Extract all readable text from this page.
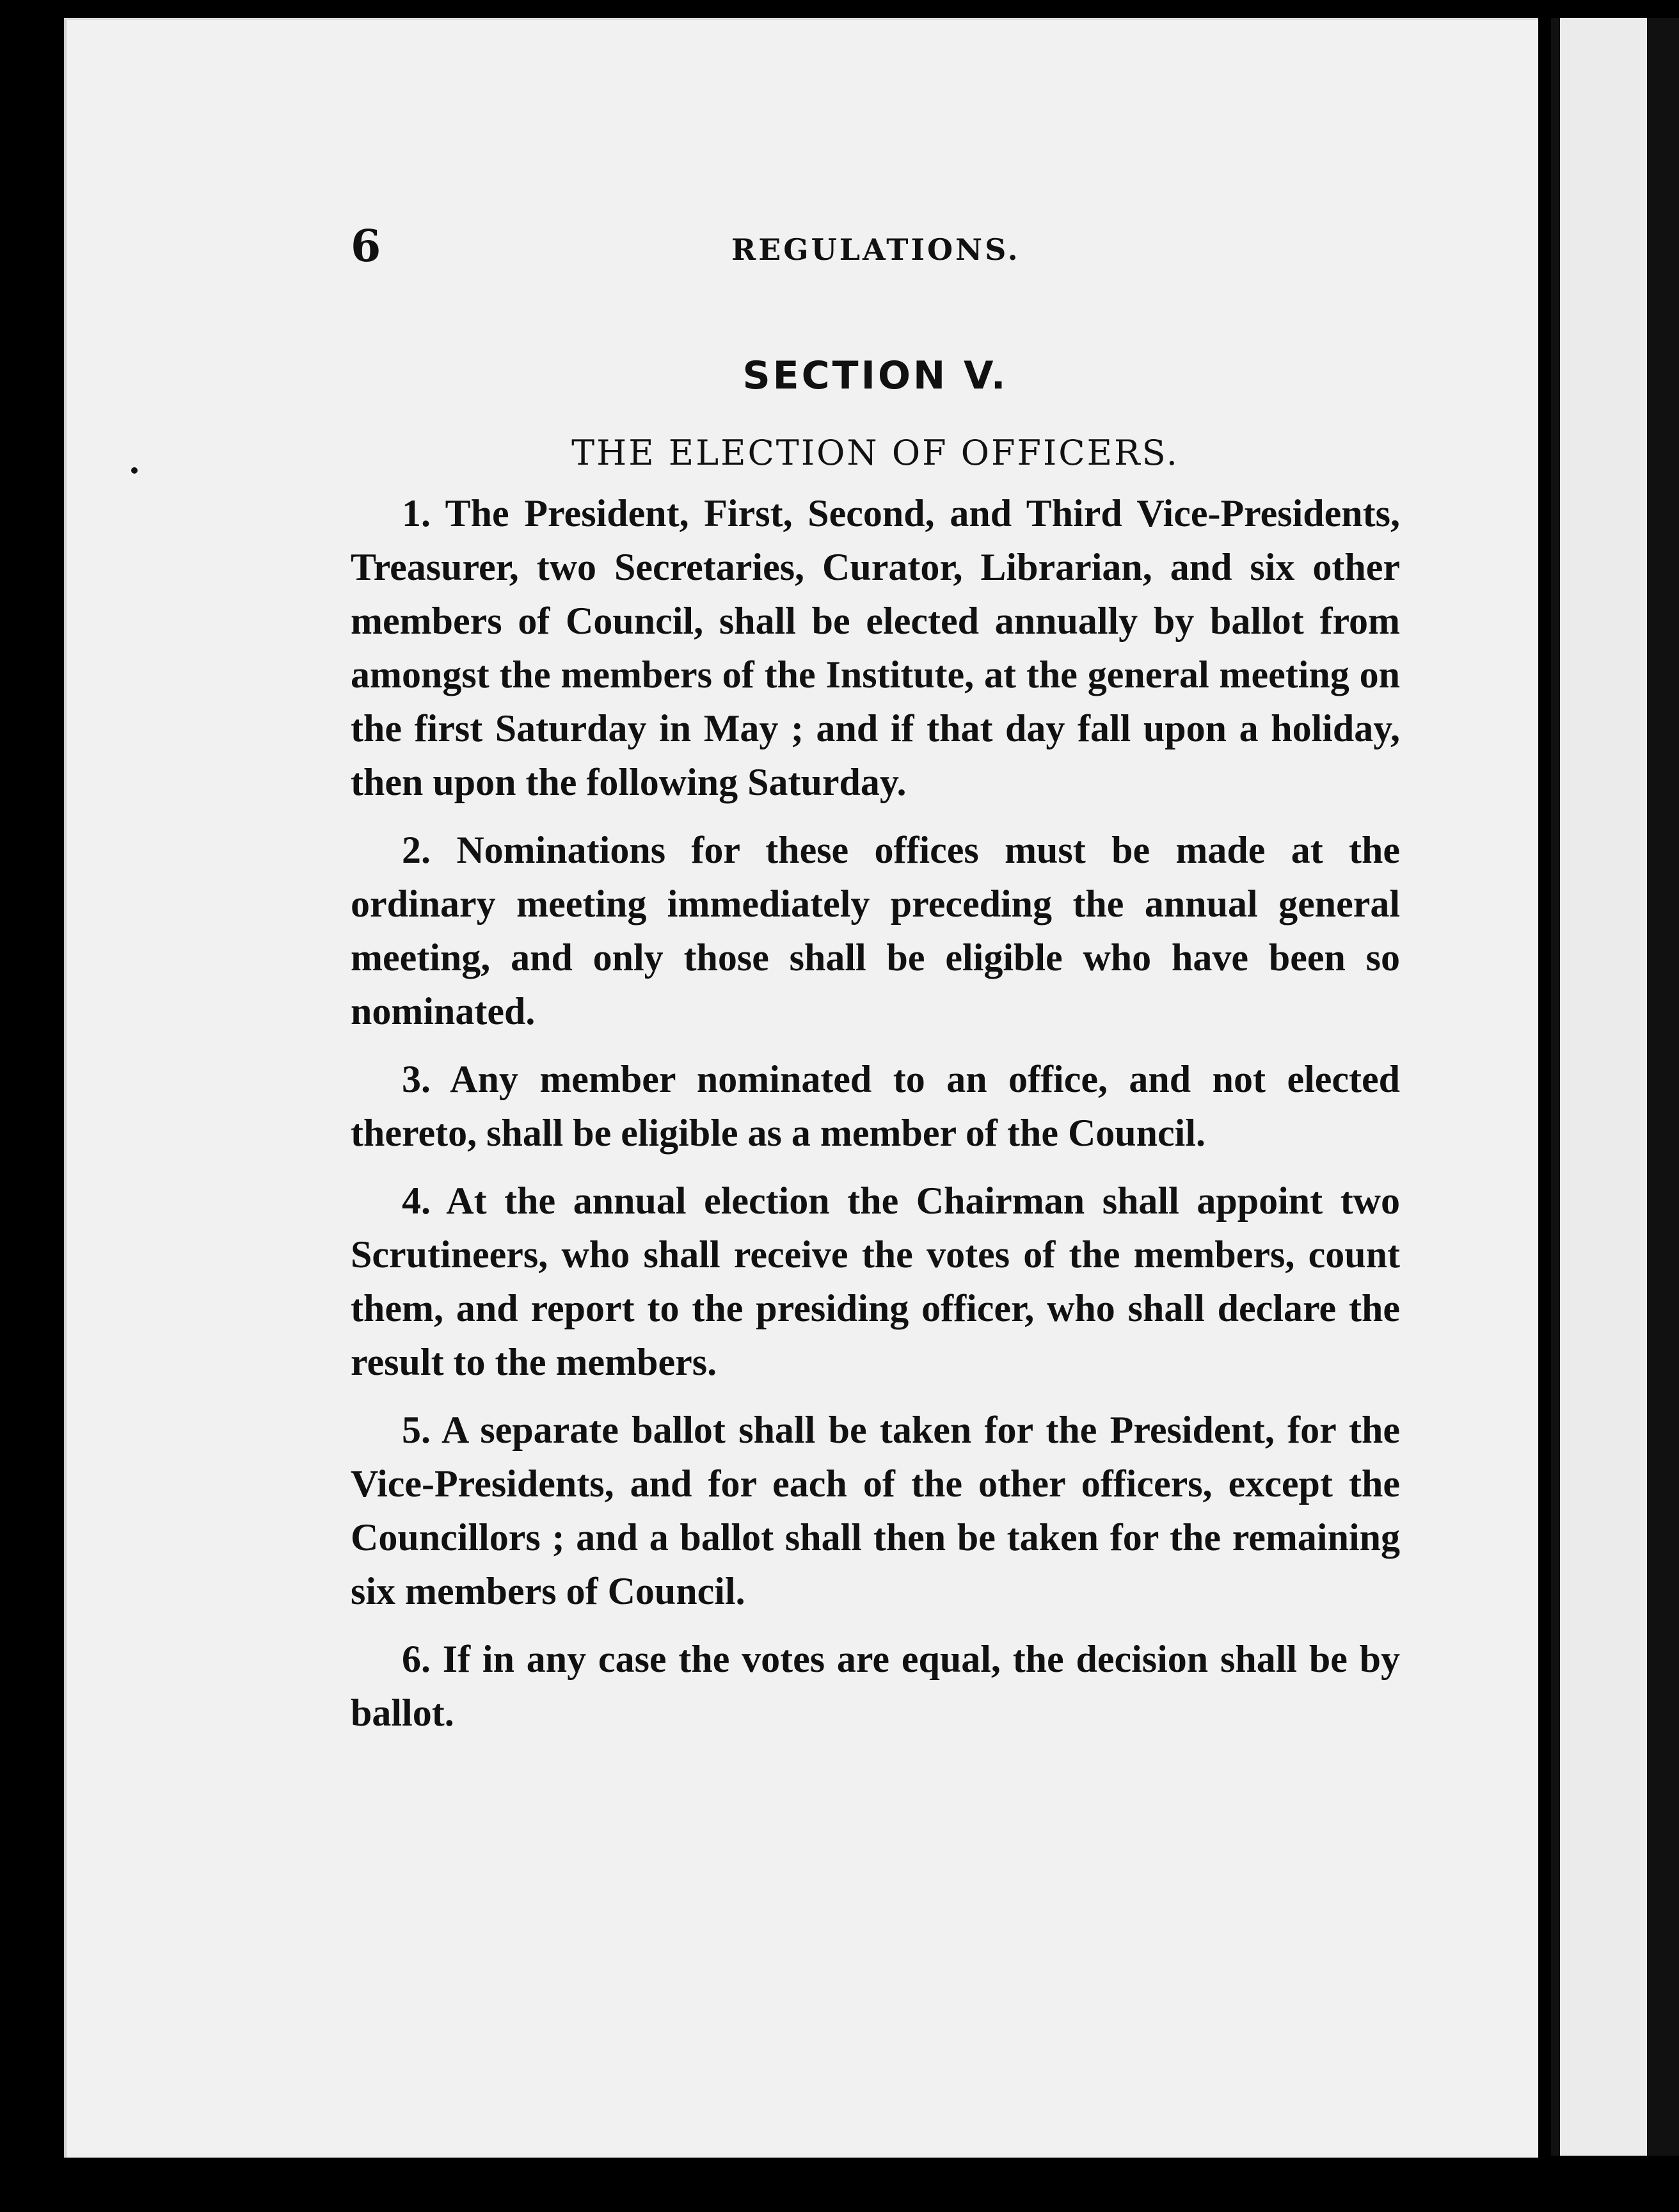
6	REGULATIONS.
SECTION V.
THE ELECTION OF OFFICERS.

1. The President, First, Second, and Third Vice-Presidents, Treasurer, two Secretaries, Curator, Librarian, and six other members of Council, shall be elected annually by ballot from amongst the members of the Institute, at the general meeting on the first Saturday in May ; and if that day fall upon a holiday, then upon the following Saturday.

2. Nominations for these offices must be made at the ordinary meeting immediately preceding the annual general meeting, and only those shall be eligible who have been so nominated.

3. Any member nominated to an office, and not elected thereto, shall be eligible as a member of the Council.

4. At the annual election the Chairman shall appoint two Scrutineers, who shall receive the votes of the members, count them, and report to the presiding officer, who shall declare the result to the members.

5. A separate ballot shall be taken for the President, for the Vice-Presidents, and for each of the other officers, except the Councillors ; and a ballot shall then be taken for the remaining six members of Council.

6. If in any case the votes are equal, the decision shall be by ballot.
